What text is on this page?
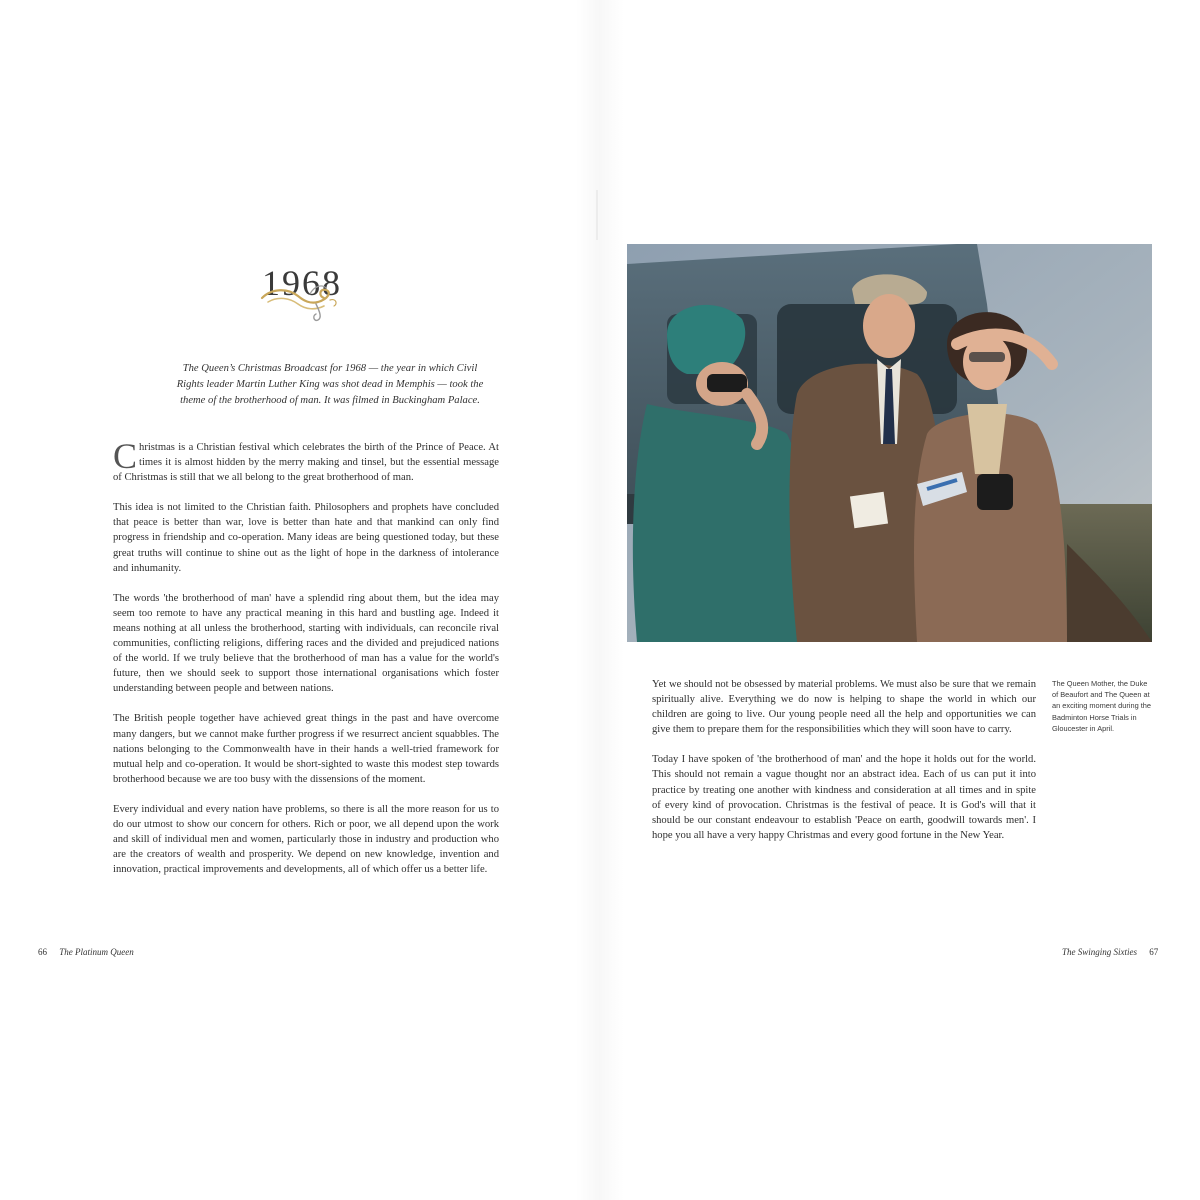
1968

The Queen’s Christmas Broadcast for 1968 — the year in which Civil Rights leader Martin Luther King was shot dead in Memphis — took the theme of the brotherhood of man. It was filmed in Buckingham Palace.

Christmas is a Christian festival which celebrates the birth of the Prince of Peace. At times it is almost hidden by the merry making and tinsel, but the essential message of Christmas is still that we all belong to the great brotherhood of man.

This idea is not limited to the Christian faith. Philosophers and prophets have concluded that peace is better than war, love is better than hate and that mankind can only find progress in friendship and co-operation. Many ideas are being questioned today, but these great truths will continue to shine out as the light of hope in the darkness of intolerance and inhumanity.

The words 'the brotherhood of man' have a splendid ring about them, but the idea may seem too remote to have any practical meaning in this hard and bustling age. Indeed it means nothing at all unless the brotherhood, starting with individuals, can reconcile rival communities, conflicting religions, differing races and the divided and prejudiced nations of the world. If we truly believe that the brotherhood of man has a value for the world's future, then we should seek to support those international organisations which foster understanding between people and between nations.

The British people together have achieved great things in the past and have overcome many dangers, but we cannot make further progress if we resurrect ancient squabbles. The nations belonging to the Commonwealth have in their hands a well-tried framework for mutual help and co-operation. It would be short-sighted to waste this modest step towards brotherhood because we are too busy with the dissensions of the moment.

Every individual and every nation have problems, so there is all the more reason for us to do our utmost to show our concern for others. Rich or poor, we all depend upon the work and skill of individual men and women, particularly those in industry and production who are the creators of wealth and prosperity. We depend on new knowledge, invention and innovation, practical improvements and developments, all of which offer us a better life.

66 The Platinum Queen

Yet we should not be obsessed by material problems. We must also be sure that we remain spiritually alive. Everything we do now is helping to shape the world in which our children are going to live. Our young people need all the help and opportunities we can give them to prepare them for the responsibilities which they will soon have to carry.

Today I have spoken of 'the brotherhood of man' and the hope it holds out for the world. This should not remain a vague thought nor an abstract idea. Each of us can put it into practice by treating one another with kindness and consideration at all times and in spite of every kind of provocation. Christmas is the festival of peace. It is God's will that it should be our constant endeavour to establish 'Peace on earth, goodwill towards men'. I hope you all have a very happy Christmas and every good fortune in the New Year.

The Queen Mother, the Duke of Beaufort and The Queen at an exciting moment during the Badminton Horse Trials in Gloucester in April.
The Swinging Sixties 67
